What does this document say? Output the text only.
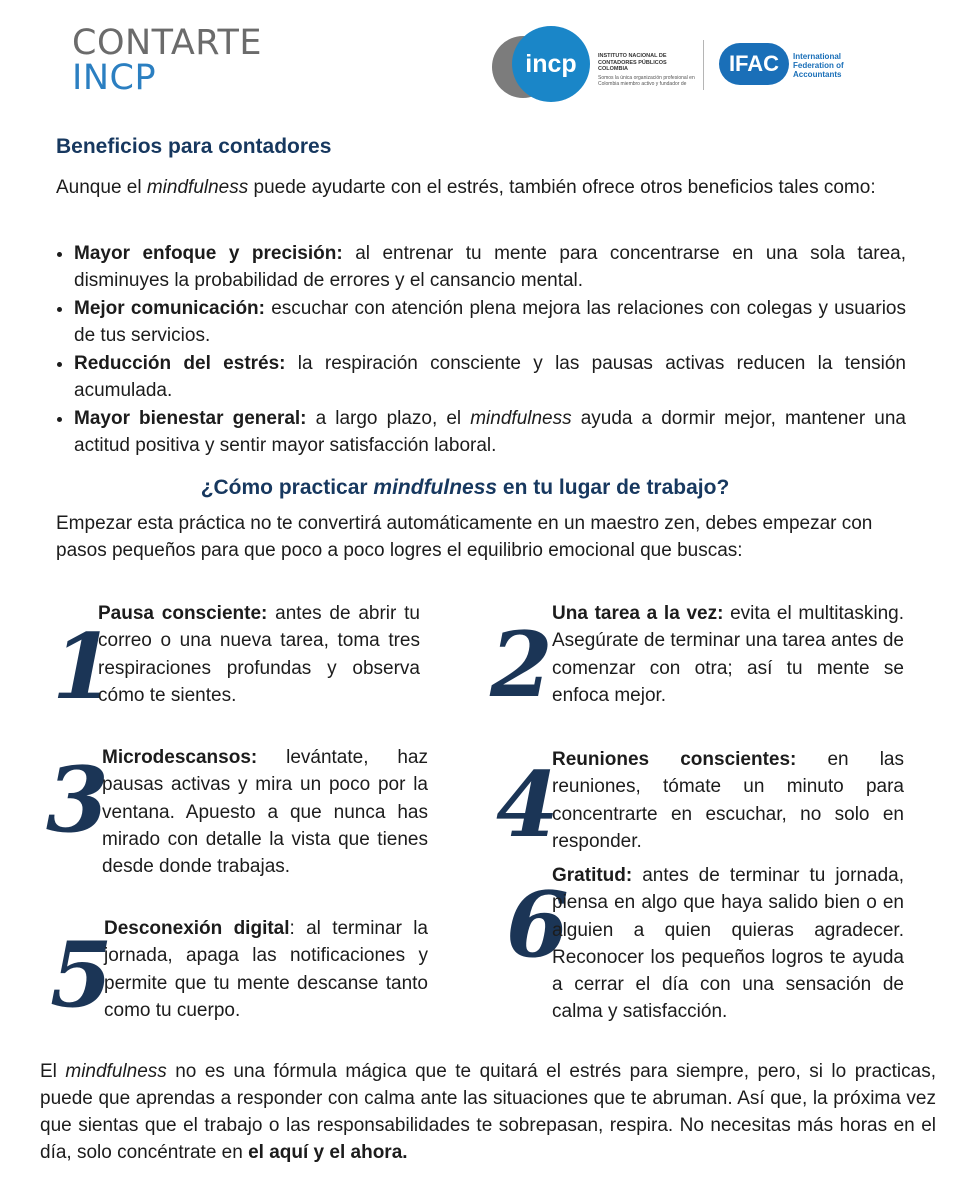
CONTARTE
INCP	incp	INSTITUTO NACIONAL DE CONTADORES PÚBLICOS COLOMBIA
Somos la única organización profesional en Colombia miembro activo y fundador de
IFAC International Federation of Accountants
Beneficios para contadores

Aunque el mindfulness puede ayudarte con el estrés, también ofrece otros beneficios tales como:

• Mayor enfoque y precisión: al entrenar tu mente para concentrarse en una sola tarea, disminuyes la probabilidad de errores y el cansancio mental.
• Mejor comunicación: escuchar con atención plena mejora las relaciones con colegas y usuarios de tus servicios.
• Reducción del estrés: la respiración consciente y las pausas activas reducen la tensión acumulada.
• Mayor bienestar general: a largo plazo, el mindfulness ayuda a dormir mejor, mantener una actitud positiva y sentir mayor satisfacción laboral.
¿Cómo practicar mindfulness en tu lugar de trabajo?

Empezar esta práctica no te convertirá automáticamente en un maestro zen, debes empezar con pasos pequeños para que poco a poco logres el equilibrio emocional que buscas:

1

Pausa consciente: antes de abrir tu correo o una nueva tarea, toma tres respiraciones profundas y observa cómo te sientes.

3

Microdescansos: levántate, haz pausas activas y mira un poco por la ventana. Apuesto a que nunca has mirado con detalle la vista que tienes desde donde trabajas.

5

Desconexión digital: al terminar la jornada, apaga las notificaciones y permite que tu mente descanse tanto como tu cuerpo.

2 Una tarea a la vez: evita el multitasking. Asegúrate de terminar una tarea antes de comenzar con otra; así tu mente se enfoca mejor.

4

Reuniones conscientes: en las reuniones, tómate un minuto para concentrarte en escuchar, no solo en responder.

6

Gratitud: antes de terminar tu jornada, piensa en algo que haya salido bien o en alguien a quien quieras agradecer. Reconocer los pequeños logros te ayuda a cerrar el día con una sensación de calma y satisfacción.

El mindfulness no es una fórmula mágica que te quitará el estrés para siempre, pero, si lo practicas, puede que aprendas a responder con calma ante las situaciones que te abruman. Así que, la próxima vez que sientas que el trabajo o las responsabilidades te sobrepasan, respira. No necesitas más horas en el día, solo concéntrate en el aquí y el ahora.
